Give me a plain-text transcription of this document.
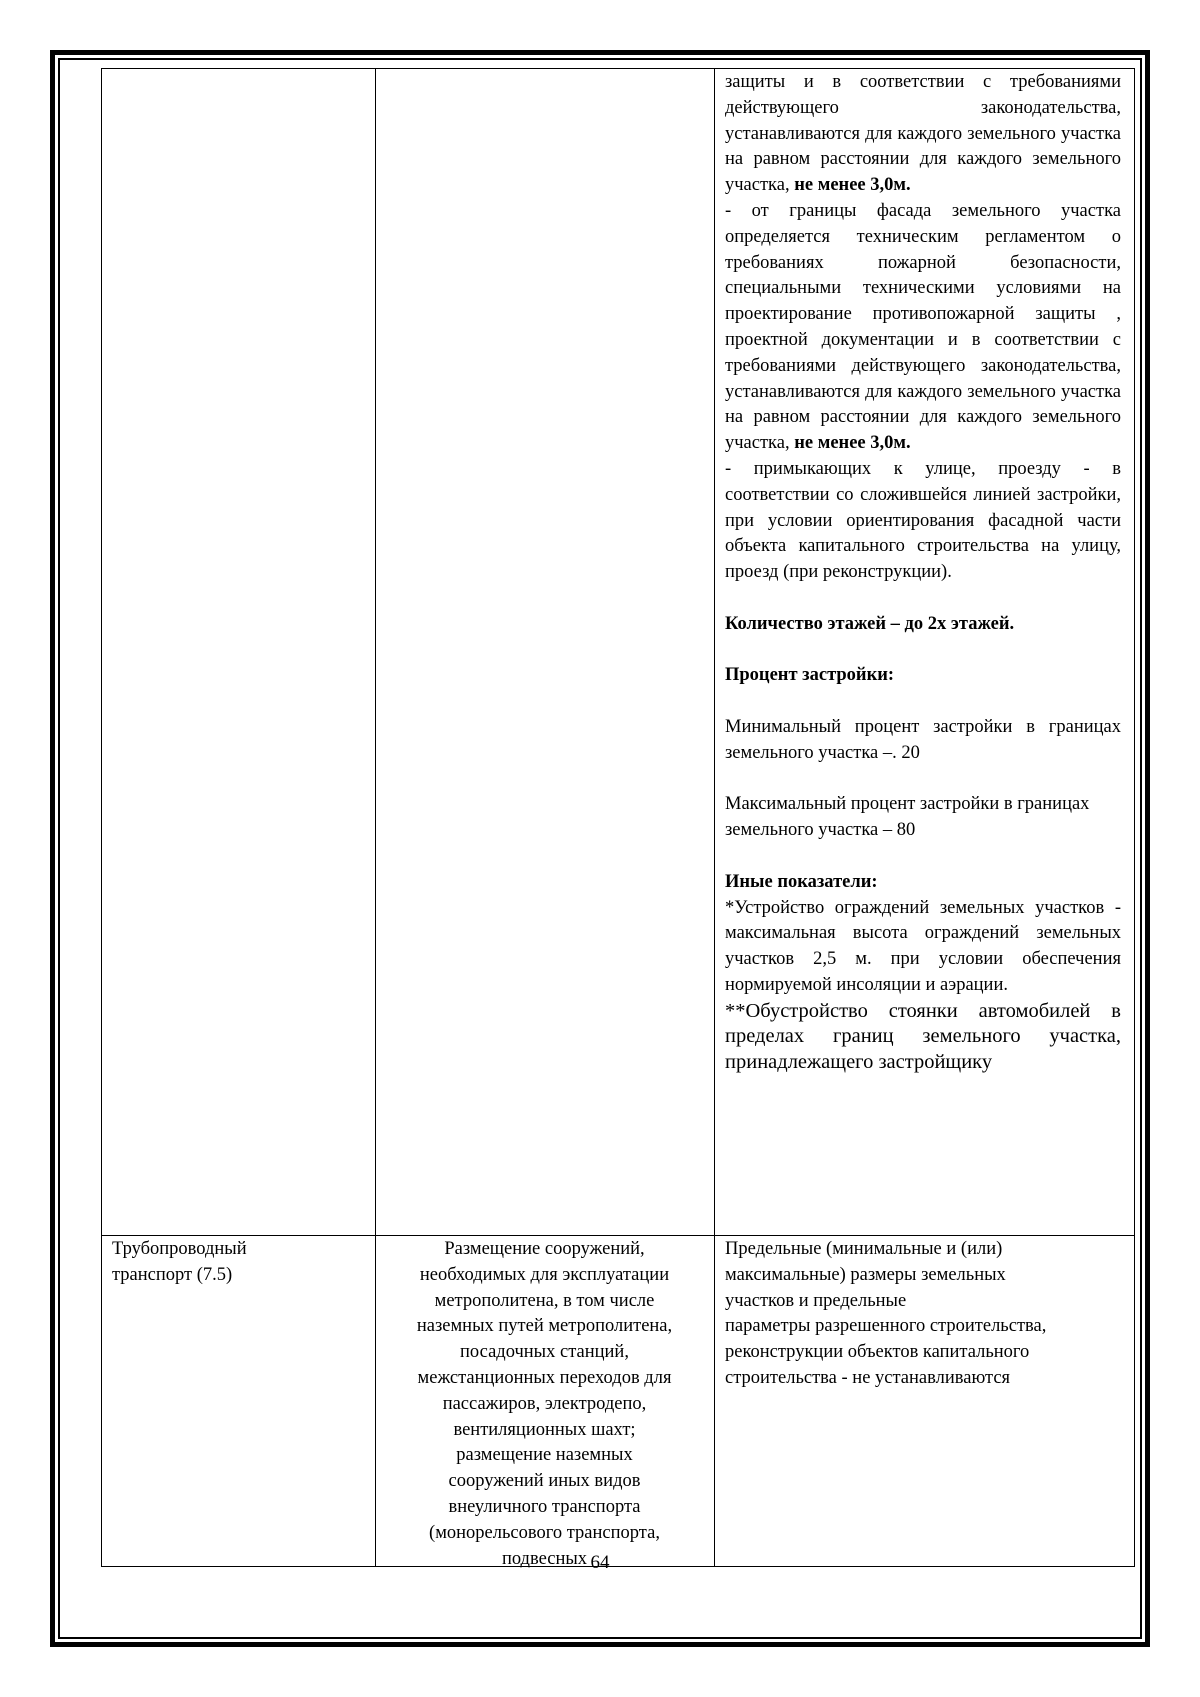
защиты и в соответствии с требованиями действующего законодательства, устанавливаются для каждого земельного участка на равном расстоянии для каждого земельного участка, не менее 3,0м.

- от границы фасада земельного участка определяется техническим регламентом о требованиях пожарной безопасности, специальными техническими условиями на проектирование противопожарной защиты , проектной документации и в соответствии с требованиями действующего законодательства, устанавливаются для каждого земельного участка на равном расстоянии для каждого земельного участка, не менее 3,0м.

- примыкающих к улице, проезду - в соответствии со сложившейся линией застройки, при условии ориентирования фасадной части объекта капитального строительства на улицу, проезд (при реконструкции).

Количество этажей – до 2х этажей.

Процент застройки:

Минимальный процент застройки в границах земельного участка –. 20

Максимальный процент застройки в границах земельного участка – 80

Иные показатели:

*Устройство ограждений земельных участков - максимальная высота ограждений земельных участков 2,5 м. при условии обеспечения нормируемой инсоляции и аэрации.

**Обустройство стоянки автомобилей в пределах границ земельного участка, принадлежащего застройщику

Трубопроводный

транспорт (7.5)

Размещение сооружений,

необходимых для эксплуатации

метрополитена, в том числе

наземных путей метрополитена,

посадочных станций,

межстанционных переходов для

пассажиров, электродепо,

вентиляционных шахт;

размещение наземных

сооружений иных видов

внеуличного транспорта

(монорельсового транспорта,

подвесных

Предельные (минимальные и (или)

максимальные) размеры земельных

участков и предельные

параметры разрешенного строительства,

реконструкции объектов капитального

строительства - не устанавливаются

64
